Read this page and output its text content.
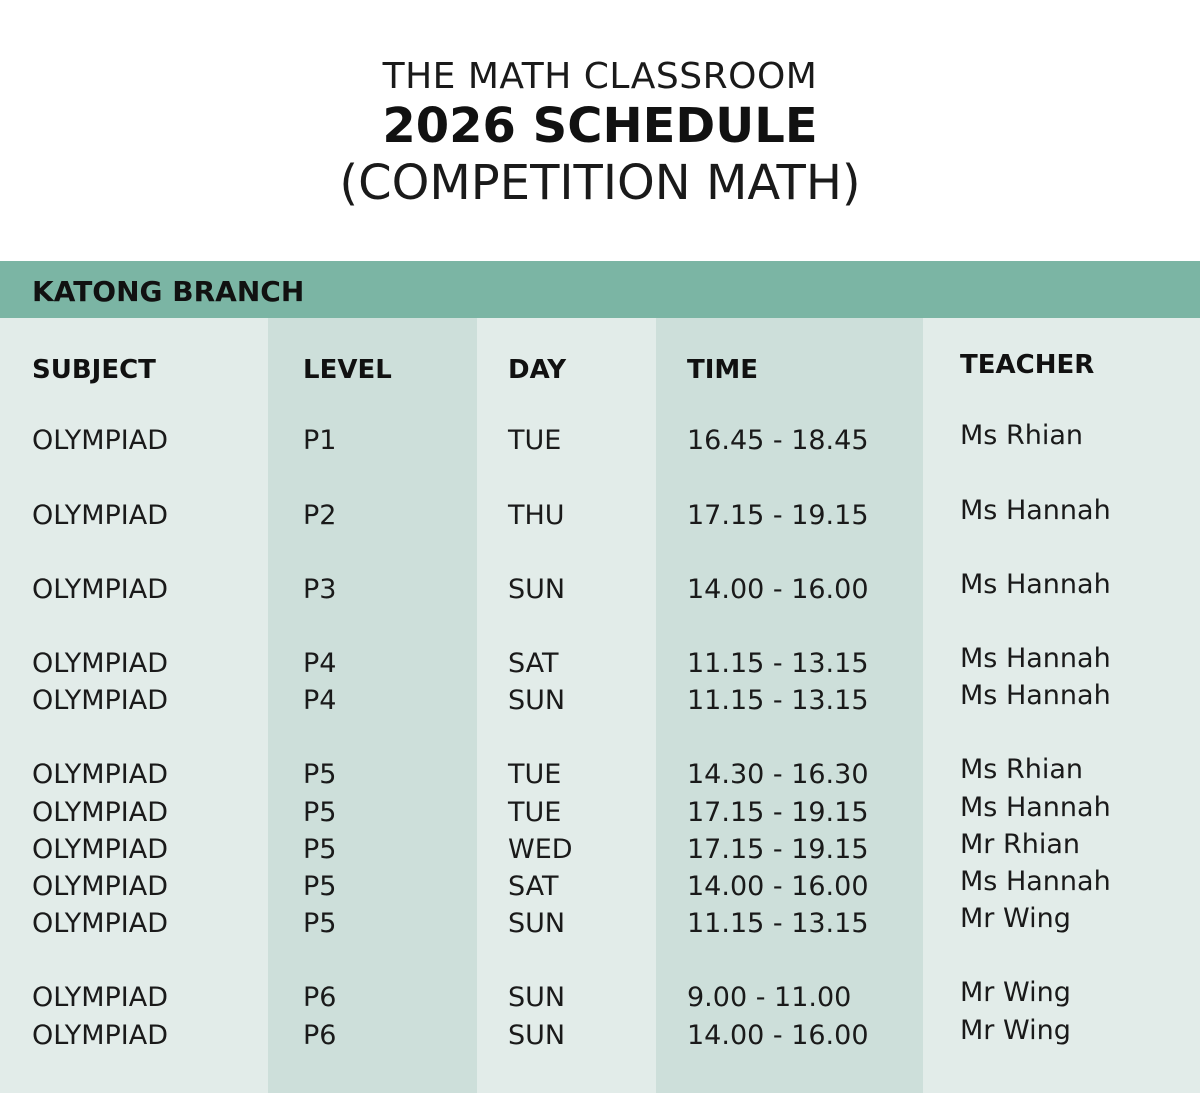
THE MATH CLASSROOM
2026 SCHEDULE
(COMPETITION MATH)
KATONG BRANCH
SUBJECT
OLYMPIAD
OLYMPIAD
OLYMPIAD
OLYMPIAD
OLYMPIAD
OLYMPIAD
OLYMPIAD
OLYMPIAD
OLYMPIAD
OLYMPIAD
OLYMPIAD
OLYMPIAD
LEVEL
P1
P2
P3
P4
P4
P5
P5
P5
P5
P5
P6
P6
DAY
TUE
THU
SUN
SAT
SUN
TUE
TUE
WED
SAT
SUN
SUN
SUN
TIME
16.45 - 18.45
17.15 - 19.15
14.00 - 16.00
11.15 - 13.15
11.15 - 13.15
14.30 - 16.30
17.15 - 19.15
17.15 - 19.15
14.00 - 16.00
11.15 - 13.15
9.00 - 11.00
14.00 - 16.00
TEACHER
Ms Rhian
Ms Hannah
Ms Hannah
Ms Hannah
Ms Hannah
Ms Rhian
Ms Hannah
Mr Rhian
Ms Hannah
Mr Wing
Mr Wing
Mr Wing
